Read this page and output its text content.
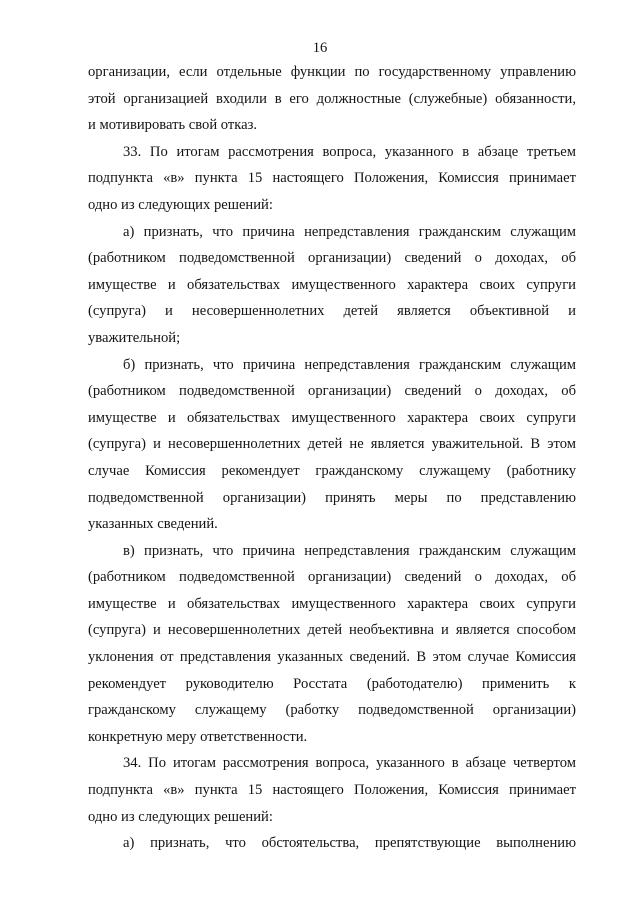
16
организации, если отдельные функции по государственному управлению
этой организацией входили в его должностные (служебные) обязанности,
и мотивировать свой отказ.
33. По итогам рассмотрения вопроса, указанного в абзаце третьем
подпункта «в» пункта 15 настоящего Положения, Комиссия принимает
одно из следующих решений:
а) признать, что причина непредставления гражданским служащим
(работником подведомственной организации) сведений о доходах, об
имуществе и обязательствах имущественного характера своих супруги
(супруга) и несовершеннолетних детей является объективной и
уважительной;
б) признать, что причина непредставления гражданским служащим
(работником подведомственной организации) сведений о доходах, об
имуществе и обязательствах имущественного характера своих супруги
(супруга) и несовершеннолетних детей не является уважительной. В этом
случае Комиссия рекомендует гражданскому служащему (работнику
подведомственной организации) принять меры по представлению
указанных сведений.
в) признать, что причина непредставления гражданским служащим
(работником подведомственной организации) сведений о доходах, об
имуществе и обязательствах имущественного характера своих супруги
(супруга) и несовершеннолетних детей необъективна и является способом
уклонения от представления указанных сведений. В этом случае Комиссия
рекомендует руководителю Росстата (работодателю) применить к
гражданскому служащему (работку подведомственной организации)
конкретную меру ответственности.
34. По итогам рассмотрения вопроса, указанного в абзаце четвертом
подпункта «в» пункта 15 настоящего Положения, Комиссия принимает
одно из следующих решений:
а) признать, что обстоятельства, препятствующие выполнению
